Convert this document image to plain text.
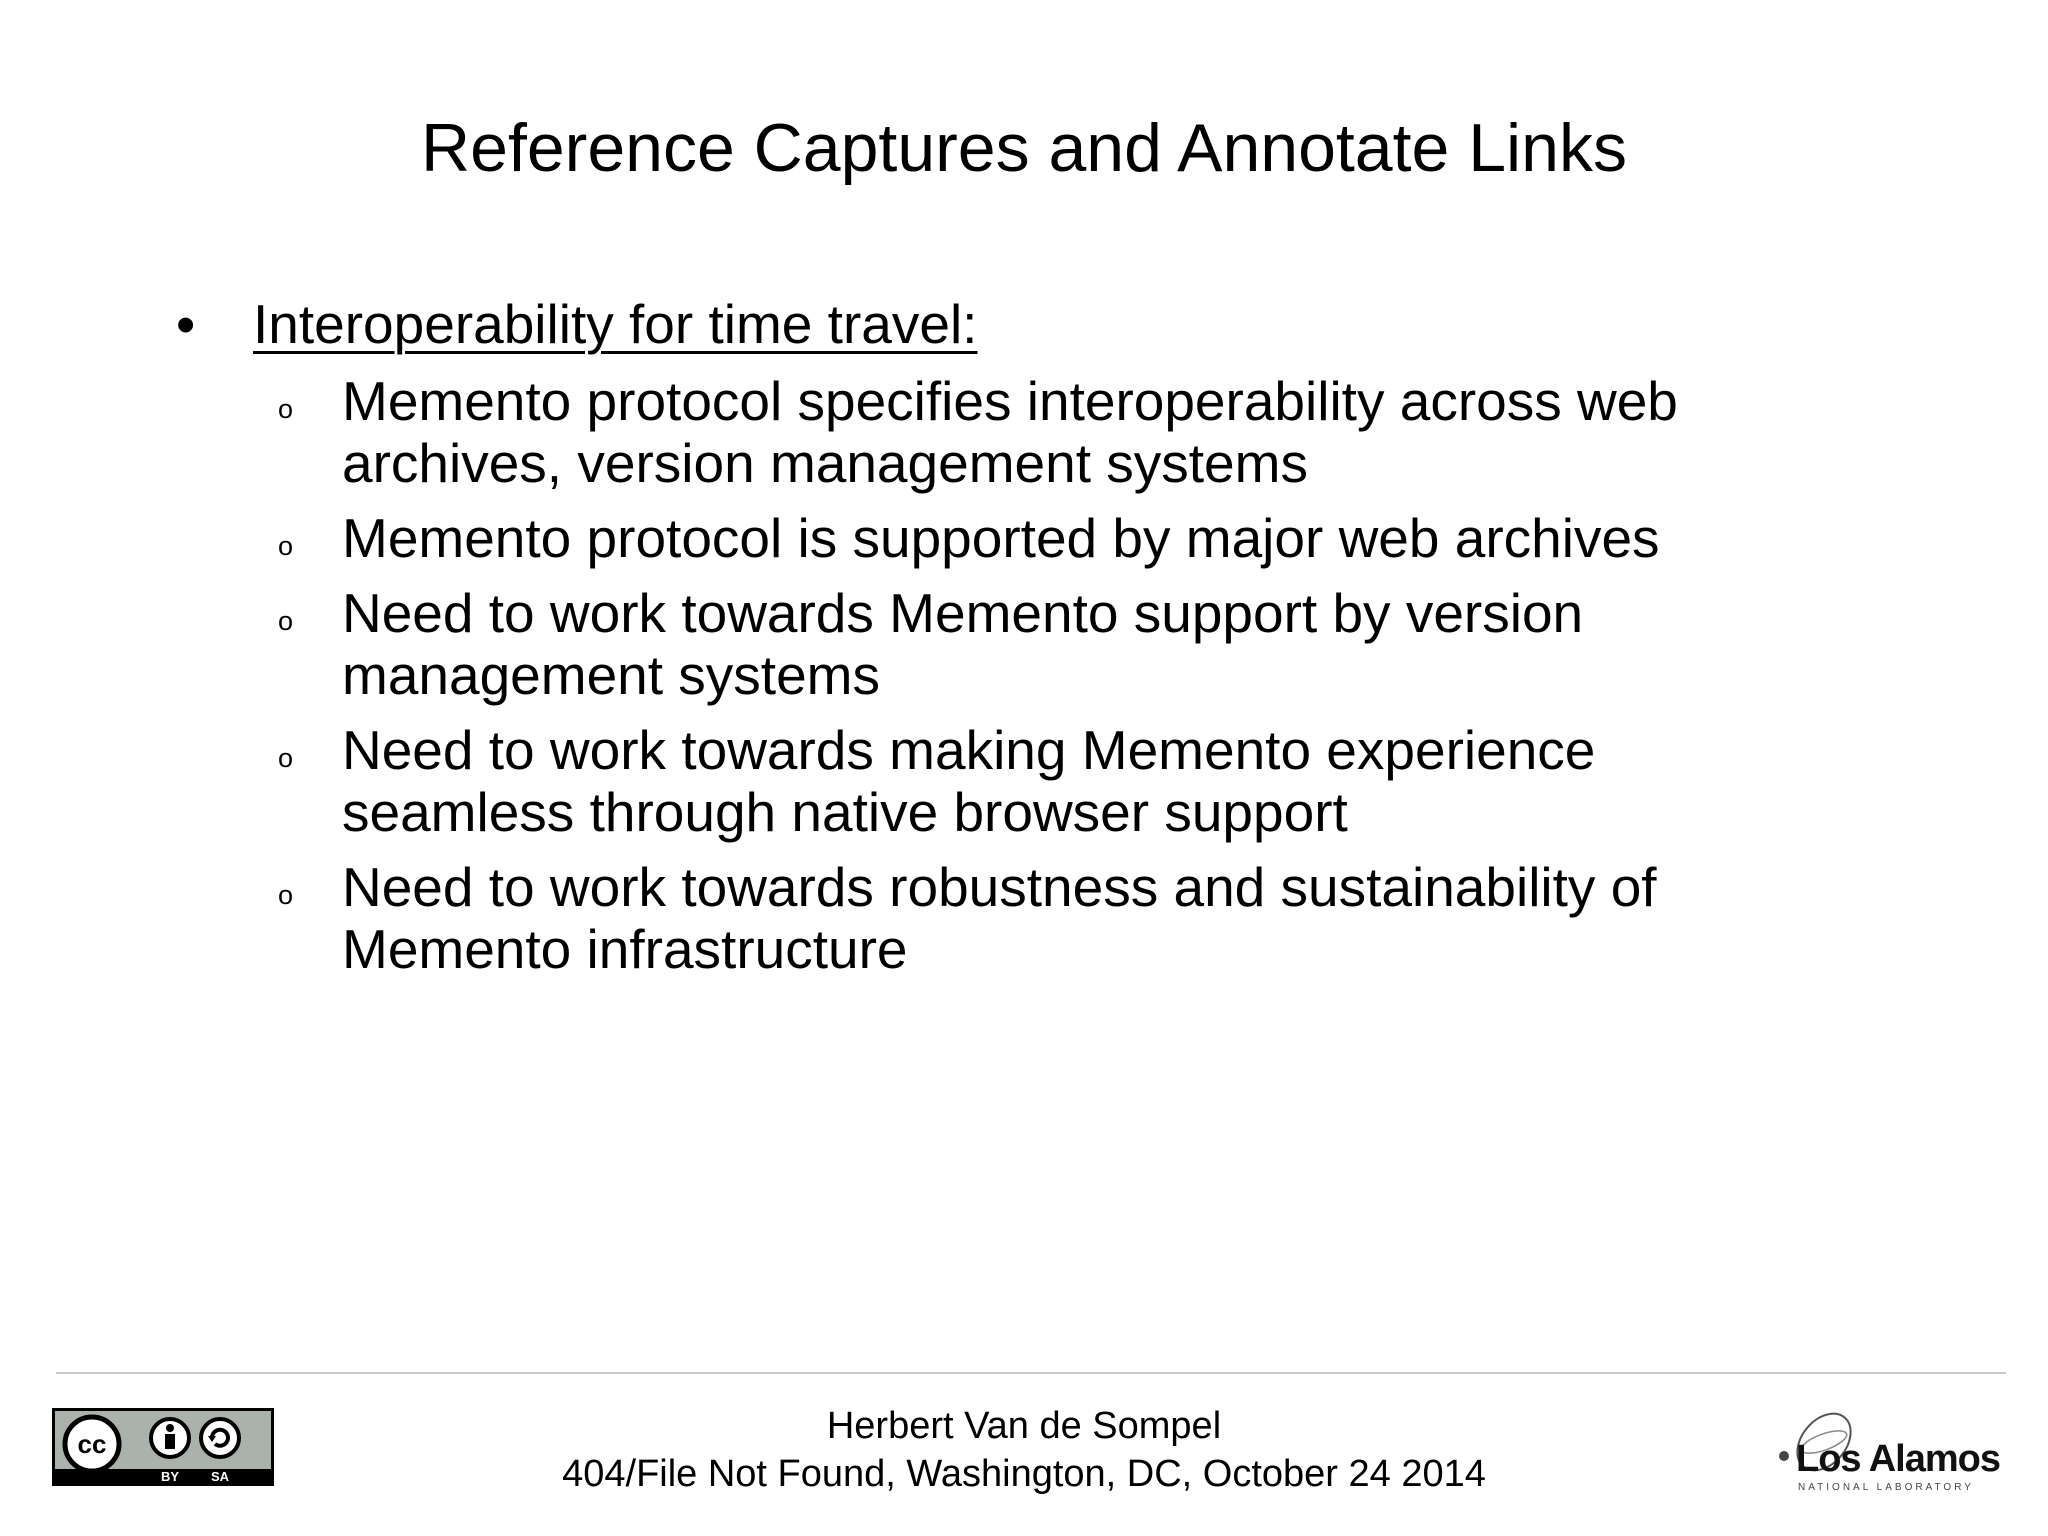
Reference Captures and Annotate Links
•	Interoperability for time travel:
o Memento protocol specifies interoperability across web archives, version management systems
o Memento protocol is supported by major web archives
o Need to work towards Memento support by version management systems
o Need to work towards making Memento experience seamless through native browser support
o Need to work towards robustness and sustainability of Memento infrastructure
cc
BY SA
Herbert Van de Sompel
404/File Not Found, Washington, DC, October 24 2014	Los Alamos
NATIONAL LABORATORY
